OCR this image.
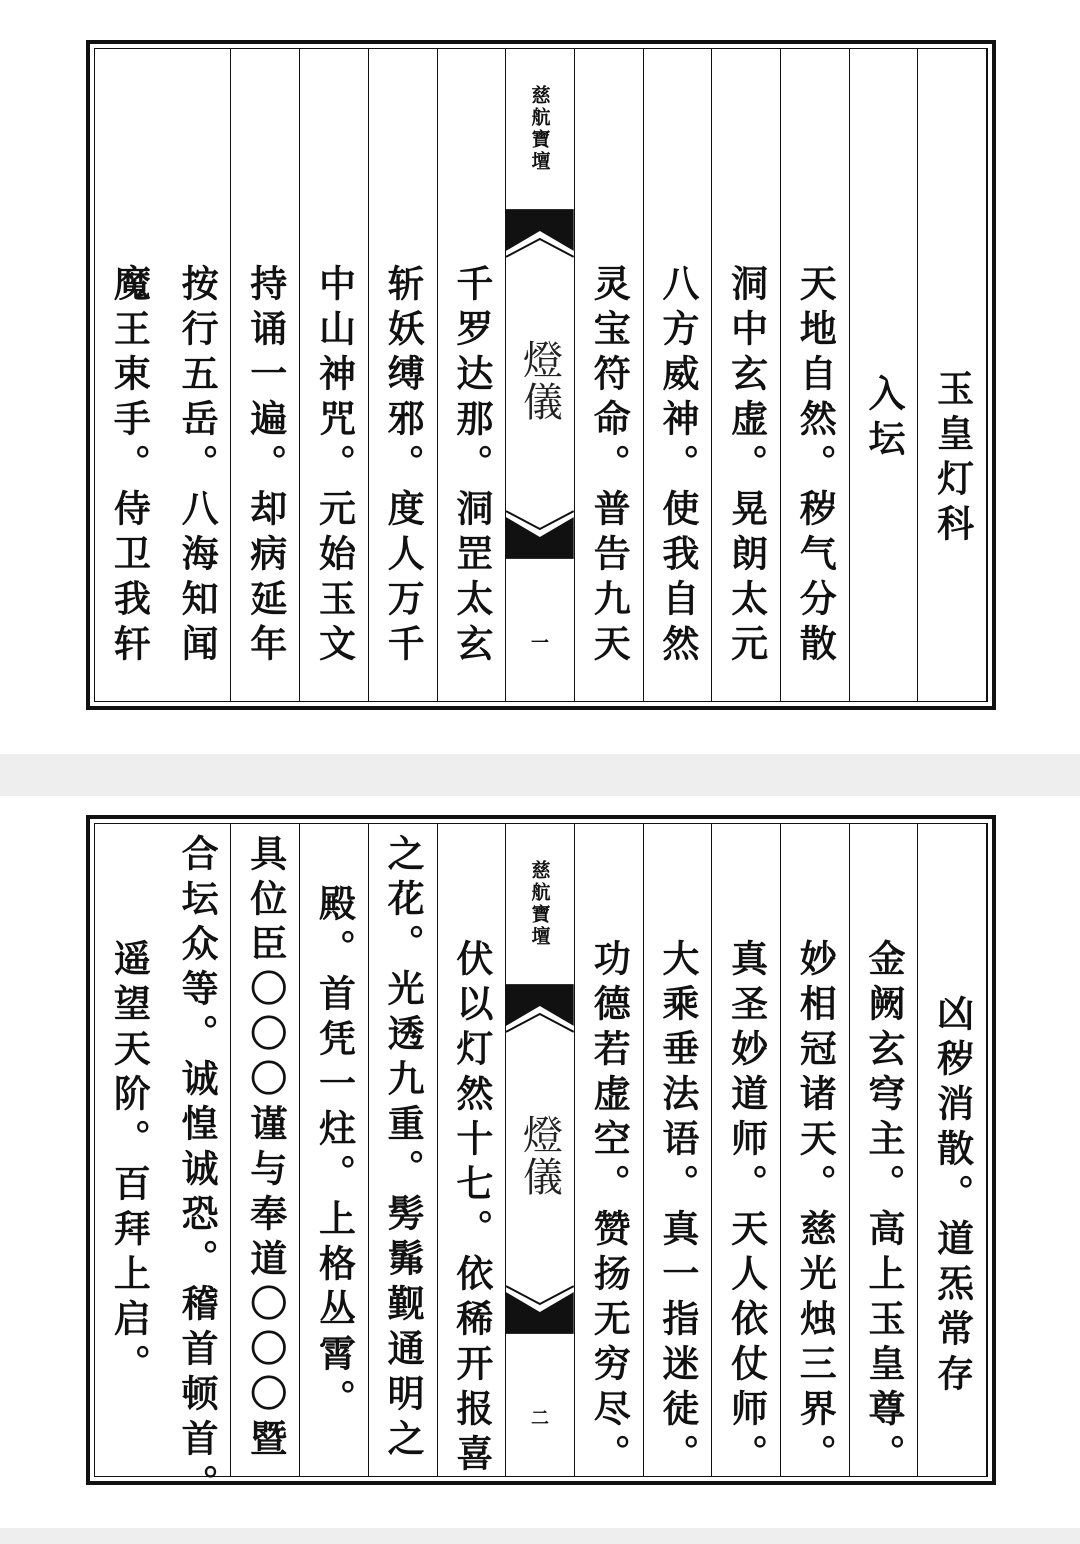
玉皇灯科
入坛
天地自然。秽气分散
洞中玄虚。晃朗太元
八方威神。使我自然
灵宝符命。普告九天
慈航寶壇
燈儀
一
千罗达那。洞罡太玄
斩妖缚邪。度人万千
中山神咒。元始玉文
持诵一遍。却病延年
按行五岳。八海知闻
魔王束手。侍卫我轩
凶秽消散。道炁常存
金阙玄穹主。高上玉皇尊。
妙相冠诸天。慈光烛三界。
真圣妙道师。天人依仗师。
大乘垂法语。真一指迷徒。
功德若虚空。赞扬无穷尽。
慈航寶壇
燈儀
二
伏以灯然十七。依稀开报喜
之花。光透九重。髣髴觐通明之
殿。首凭一炷。上格丛霄。
具位臣〇〇〇谨与奉道〇〇〇暨
合坛众等。诚惶诚恐。稽首顿首。
遥望天阶。百拜上启。
